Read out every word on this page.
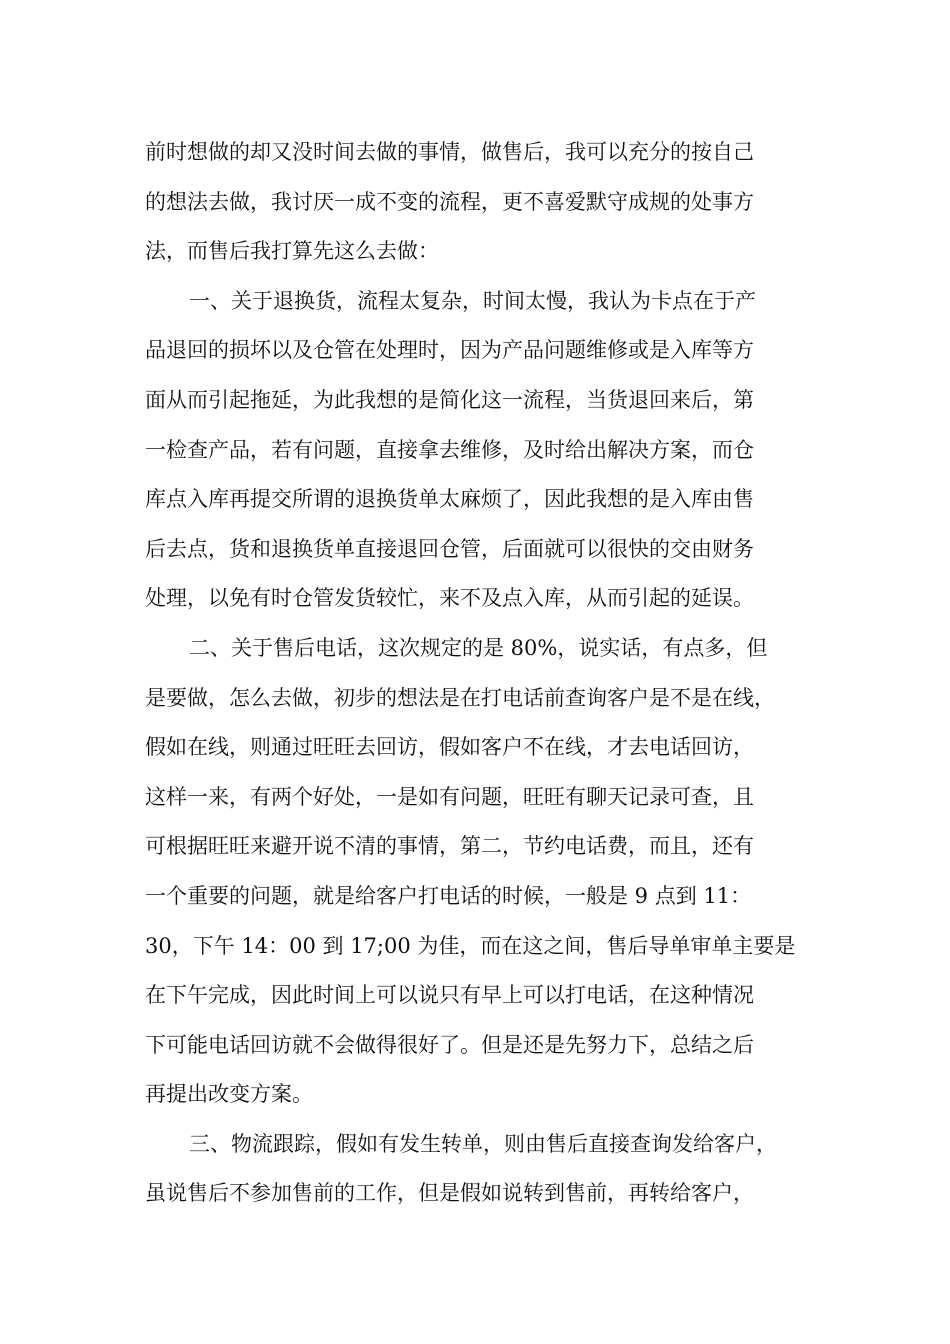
前时想做的却又没时间去做的事情，做售后，我可以充分的按自己
的想法去做，我讨厌一成不变的流程，更不喜爱默守成规的处事方
法，而售后我打算先这么去做：
一、关于退换货，流程太复杂，时间太慢，我认为卡点在于产
品退回的损坏以及仓管在处理时，因为产品问题维修或是入库等方
面从而引起拖延，为此我想的是简化这一流程，当货退回来后，第
一检查产品，若有问题，直接拿去维修，及时给出解决方案，而仓
库点入库再提交所谓的退换货单太麻烦了，因此我想的是入库由售
后去点，货和退换货单直接退回仓管，后面就可以很快的交由财务
处理，以免有时仓管发货较忙，来不及点入库，从而引起的延误。
二、关于售后电话，这次规定的是 80%，说实话，有点多，但
是要做，怎么去做，初步的想法是在打电话前查询客户是不是在线，
假如在线，则通过旺旺去回访，假如客户不在线，才去电话回访，
这样一来，有两个好处，一是如有问题，旺旺有聊天记录可查，且
可根据旺旺来避开说不清的事情，第二，节约电话费，而且，还有
一个重要的问题，就是给客户打电话的时候，一般是 9 点到 11：
30，下午 14：00 到 17;00 为佳，而在这之间，售后导单审单主要是
在下午完成，因此时间上可以说只有早上可以打电话，在这种情况
下可能电话回访就不会做得很好了。但是还是先努力下，总结之后
再提出改变方案。
三、物流跟踪，假如有发生转单，则由售后直接查询发给客户，
虽说售后不参加售前的工作，但是假如说转到售前，再转给客户，
